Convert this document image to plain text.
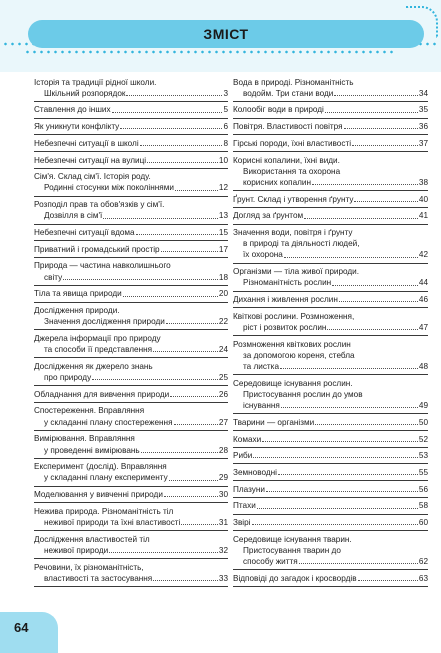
ЗМІСТ
Історія та традиції рідної школи.
Шкільний розпорядок	3
Ставлення до інших	5
Як уникнути конфлікту	6
Небезпечні ситуації в школі	8
Небезпечні ситуації на вулиці	10
Сім'я. Склад сім'ї. Історія роду.
Родинні стосунки між поколіннями	12
Розподіл прав та обов'язків у сім'ї.
Дозвілля в сім'ї	13
Небезпечні ситуації вдома	15
Приватний і громадський простір	17
Природа — частина навколишнього
світу	18
Тіла та явища природи	20
Дослідження природи.
Значення дослідження природи	22
Джерела інформації про природу
та способи її представлення	24
Дослідження як джерело знань
про природу	25
Обладнання для вивчення природи	26
Спостереження. Вправляння
у складанні плану спостереження	27
Вимірювання. Вправляння
у проведенні вимірювань	28
Експеримент (дослід). Вправляння
у складанні плану експерименту	29
Моделювання у вивченні природи	30
Нежива природа. Різноманітність тіл
неживої природи та їхні властивості	31
Дослідження властивостей тіл
неживої природи	32
Речовини, їх різноманітність,
властивості та застосування	33
Вода в природі. Різноманітність
водойм. Три стани води	34
Колообіг води в природі	35
Повітря. Властивості повітря	36
Гірські породи, їхні властивості	37
Корисні копалини, їхні види.
Використання та охорона
корисних копалин	38
Ґрунт. Склад і утворення ґрунту	40
Догляд за ґрунтом	41
Значення води, повітря і ґрунту
в природі та діяльності людей,
їх охорона	42
Організми — тіла живої природи.
Різноманітність рослин	44
Дихання і живлення рослин	46
Квіткові рослини. Розмноження,
ріст і розвиток рослин	47
Розмноження квіткових рослин
за допомогою кореня, стебла
та листка	48
Середовище існування рослин.
Пристосування рослин до умов
існування	49
Тварини — організми	50
Комахи	52
Риби	53
Земноводні	55
Плазуни	56
Птахи	58
Звірі	60
Середовище існування тварин.
Пристосування тварин до
способу життя	62
Відповіді до загадок і кросвордів	63
64
